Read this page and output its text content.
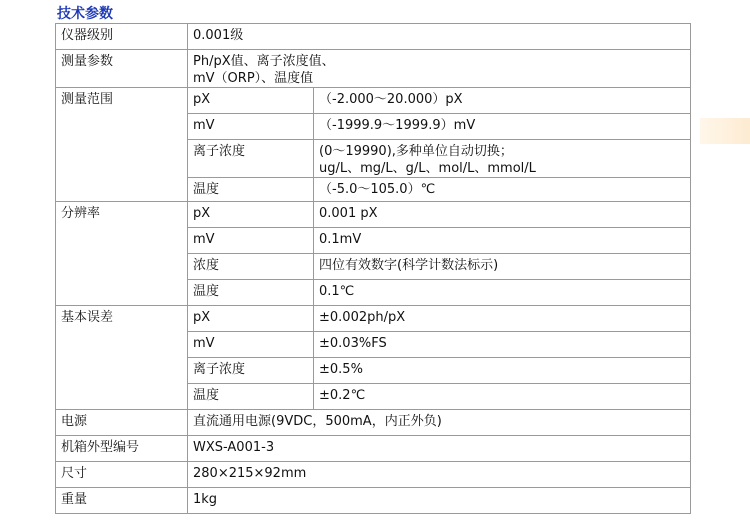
技术参数
仪器级别	0.001级	
测量参数	Ph/pX值、离子浓度值、
mV（ORP）、温度值	

测量范围	pX	（-2.000～20.000）pX
	mV	（-1999.9～1999.9）mV
	离子浓度	(0～19990),多种单位自动切换；
ug/L、mg/L、g/L、mol/L、mmol/L

	温度	（-5.0～105.0）℃
分辨率	pX	0.001 pX
	mV	0.1mV
	浓度	四位有效数字(科学计数法标示)
	温度	0.1℃
基本误差	pX	±0.002ph/pX
	mV	±0.03%FS
	离子浓度	±0.5%
	温度	±0.2℃
电源	直流通用电源(9VDC，500mA，内正外负)	
机箱外型编号	WXS-A001-3	
尺寸	280×215×92mm	
重量	1kg	
